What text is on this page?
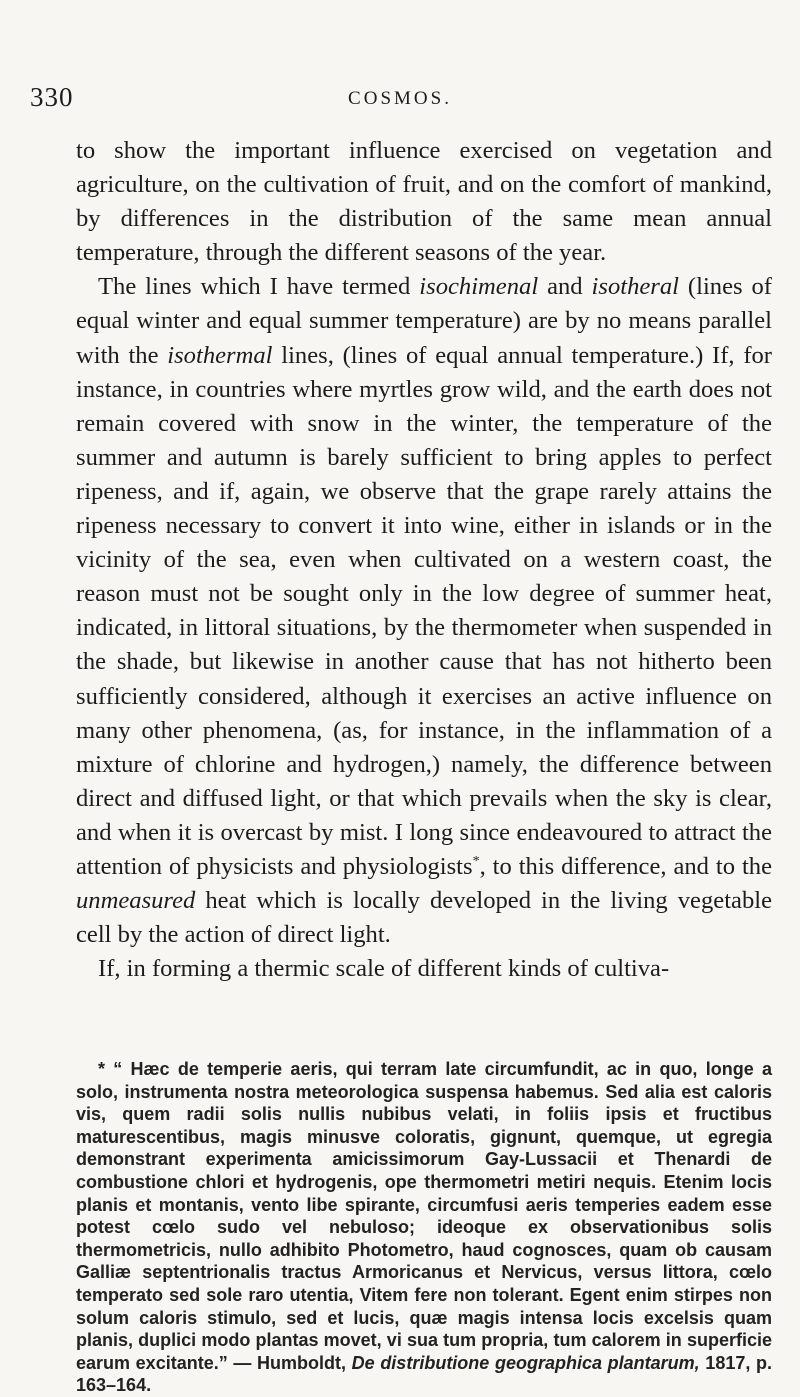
330	COSMOS.

to show the important influence exercised on vegetation and agriculture, on the cultivation of fruit, and on the comfort of mankind, by differences in the distribution of the same mean annual temperature, through the different seasons of the year.

The lines which I have termed isochimenal and isotheral (lines of equal winter and equal summer temperature) are by no means parallel with the isothermal lines, (lines of equal annual temperature.) If, for instance, in countries where myrtles grow wild, and the earth does not remain covered with snow in the winter, the temperature of the summer and autumn is barely sufficient to bring apples to perfect ripeness, and if, again, we observe that the grape rarely attains the ripeness necessary to convert it into wine, either in islands or in the vicinity of the sea, even when cultivated on a western coast, the reason must not be sought only in the low degree of summer heat, indicated, in littoral situations, by the thermometer when suspended in the shade, but likewise in another cause that has not hitherto been sufficiently considered, although it exercises an active influence on many other phenomena, (as, for instance, in the inflammation of a mixture of chlorine and hydrogen,) namely, the difference between direct and diffused light, or that which prevails when the sky is clear, and when it is overcast by mist. I long since endeavoured to attract the attention of physicists and physiologists*, to this difference, and to the unmeasured heat which is locally developed in the living vegetable cell by the action of direct light.

If, in forming a thermic scale of different kinds of cultiva-

* “ Hæc de temperie aeris, qui terram late circumfundit, ac in quo, longe a solo, instrumenta nostra meteorologica suspensa habemus. Sed alia est caloris vis, quem radii solis nullis nubibus velati, in foliis ipsis et fructibus maturescentibus, magis minusve coloratis, gignunt, quemque, ut egregia demonstrant experimenta amicissimorum Gay-Lussacii et Thenardi de combustione chlori et hydrogenis, ope thermometri metiri nequis. Etenim locis planis et montanis, vento libe spirante, circumfusi aeris temperies eadem esse potest cœlo sudo vel nebuloso; ideoque ex observationibus solis thermometricis, nullo adhibito Photometro, haud cognosces, quam ob causam Galliæ septentrionalis tractus Armoricanus et Nervicus, versus littora, cœlo temperato sed sole raro utentia, Vitem fere non tolerant. Egent enim stirpes non solum caloris stimulo, sed et lucis, quæ magis intensa locis excelsis quam planis, duplici modo plantas movet, vi sua tum propria, tum calorem in superficie earum excitante.” — Humboldt, De distributione geographica plantarum, 1817, p. 163–164.
